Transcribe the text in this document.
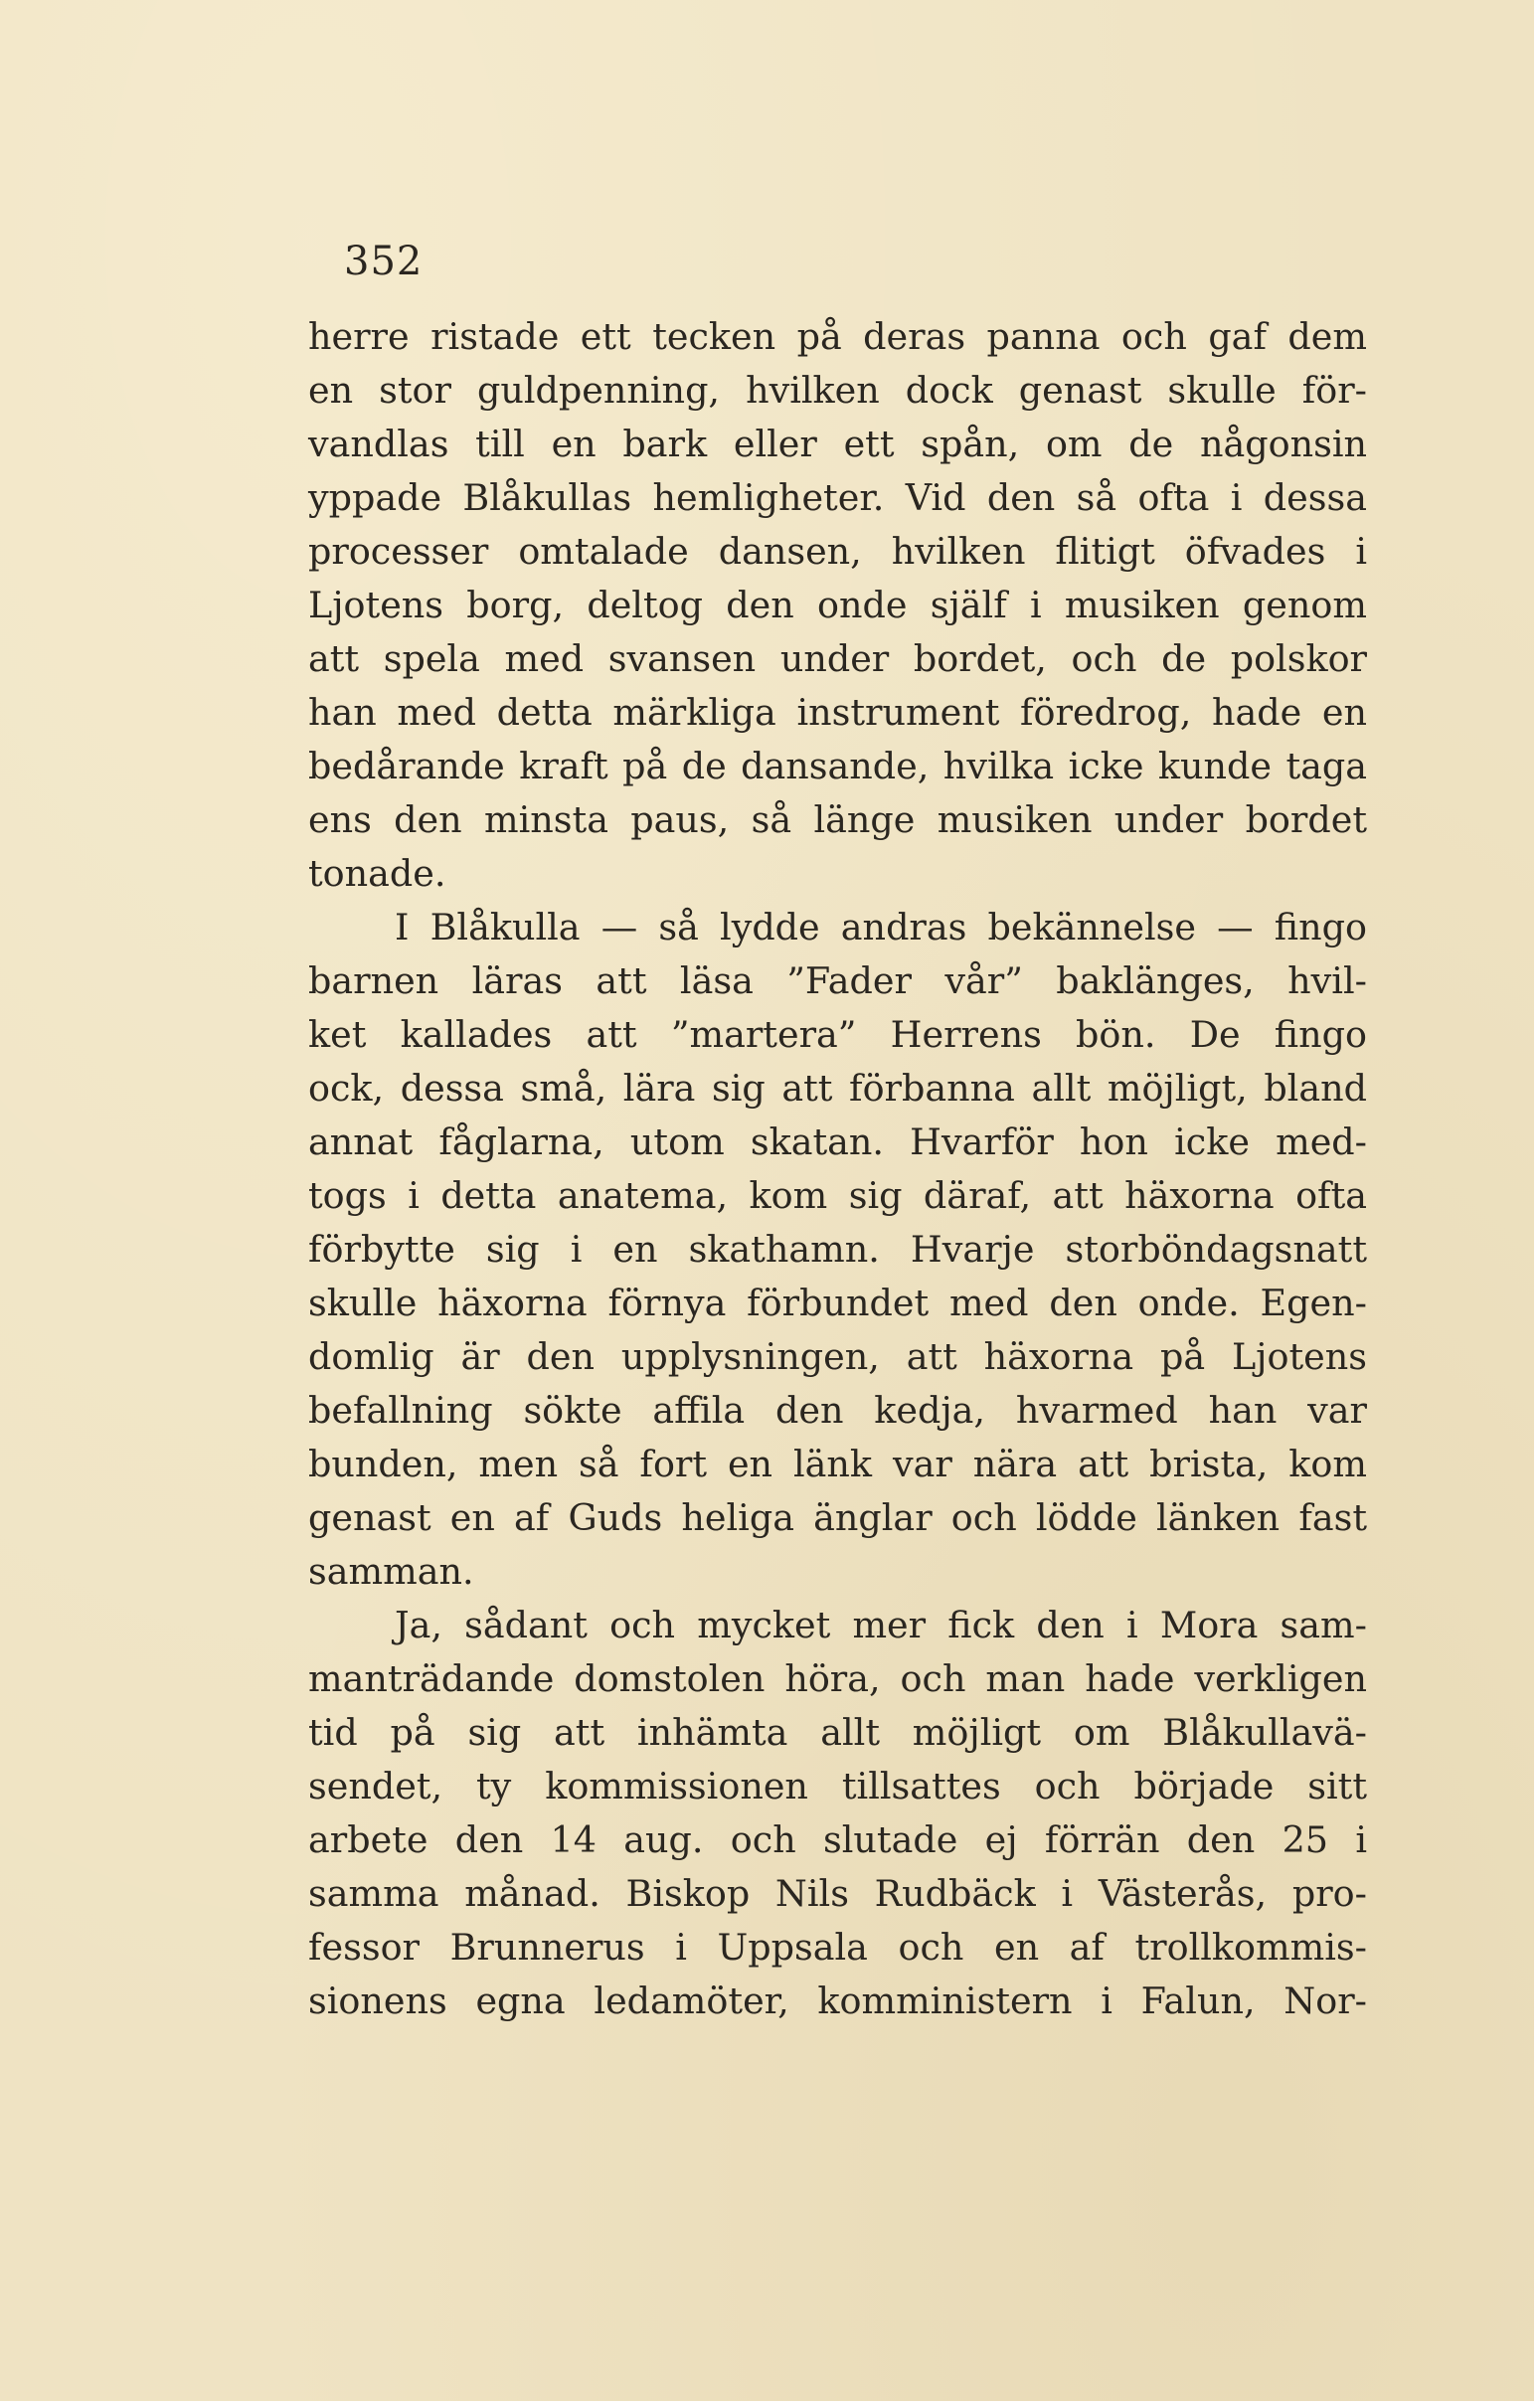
352
herre ristade ett tecken på deras panna och gaf dem
en stor guldpenning, hvilken dock genast skulle för-
vandlas till en bark eller ett spån, om de någonsin
yppade Blåkullas hemligheter. Vid den så ofta i dessa
processer omtalade dansen, hvilken flitigt öfvades i
Ljotens borg, deltog den onde själf i musiken genom
att spela med svansen under bordet, och de polskor
han med detta märkliga instrument föredrog, hade en
bedårande kraft på de dansande, hvilka icke kunde taga
ens den minsta paus, så länge musiken under bordet
tonade.
I Blåkulla — så lydde andras bekännelse — fingo
barnen läras att läsa ”Fader vår” baklänges, hvil-
ket kallades att ”martera” Herrens bön. De fingo
ock, dessa små, lära sig att förbanna allt möjligt, bland
annat fåglarna, utom skatan. Hvarför hon icke med-
togs i detta anatema, kom sig däraf, att häxorna ofta
förbytte sig i en skathamn. Hvarje storböndagsnatt
skulle häxorna förnya förbundet med den onde. Egen-
domlig är den upplysningen, att häxorna på Ljotens
befallning sökte affila den kedja, hvarmed han var
bunden, men så fort en länk var nära att brista, kom
genast en af Guds heliga änglar och lödde länken fast
samman.
Ja, sådant och mycket mer fick den i Mora sam-
manträdande domstolen höra, och man hade verkligen
tid på sig att inhämta allt möjligt om Blåkullavä-
sendet, ty kommissionen tillsattes och började sitt
arbete den 14 aug. och slutade ej förrän den 25 i
samma månad. Biskop Nils Rudbäck i Västerås, pro-
fessor Brunnerus i Uppsala och en af trollkommis-
sionens egna ledamöter, komministern i Falun, Nor-
